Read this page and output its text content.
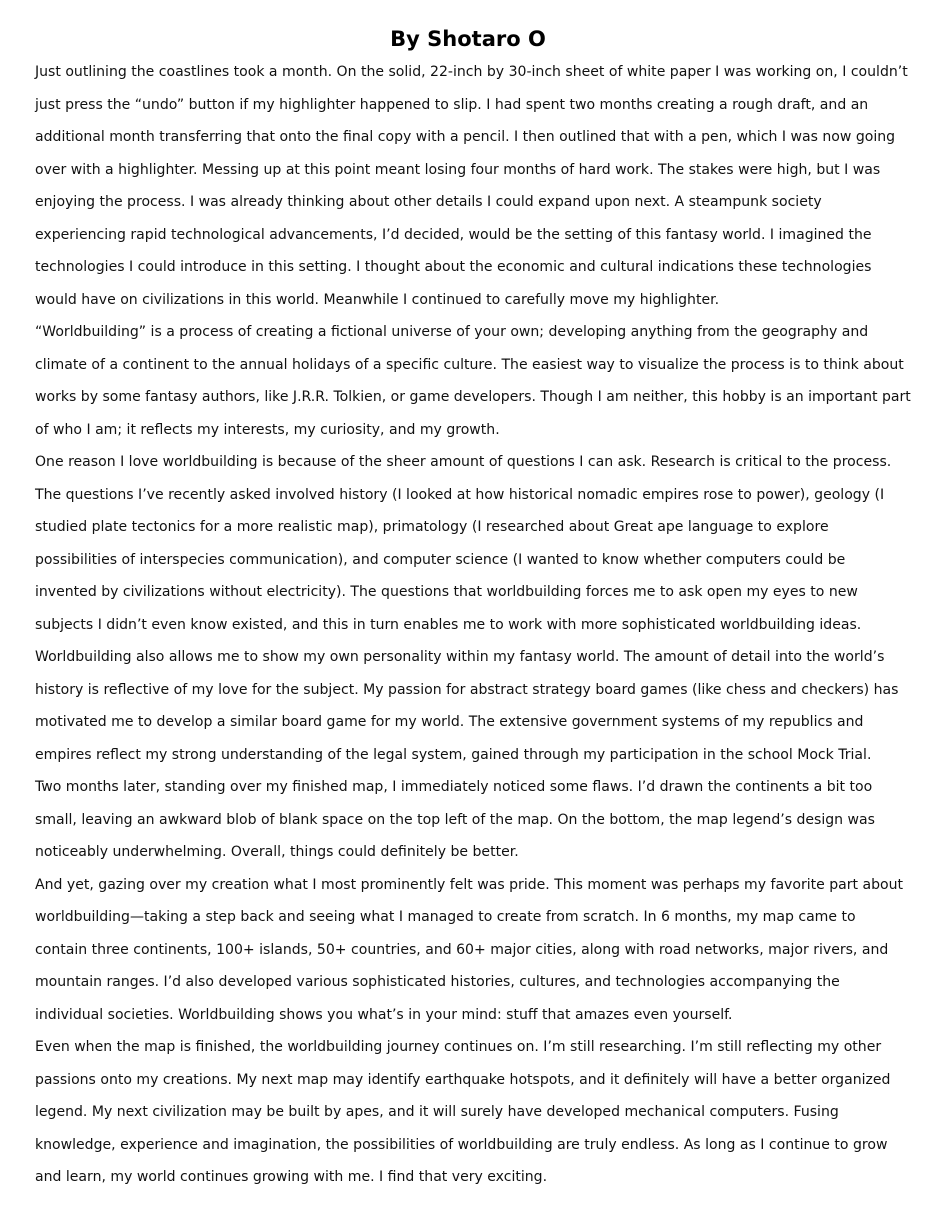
By Shotaro O

Just outlining the coastlines took a month. On the solid, 22-inch by 30-inch sheet of white paper I was working on, I couldn’t just press the “undo” button if my highlighter happened to slip. I had spent two months creating a rough draft, and an additional month transferring that onto the final copy with a pencil. I then outlined that with a pen, which I was now going over with a highlighter. Messing up at this point meant losing four months of hard work. The stakes were high, but I was enjoying the process. I was already thinking about other details I could expand upon next. A steampunk society experiencing rapid technological advancements, I’d decided, would be the setting of this fantasy world. I imagined the technologies I could introduce in this setting. I thought about the economic and cultural indications these technologies would have on civilizations in this world. Meanwhile I continued to carefully move my highlighter.

“Worldbuilding” is a process of creating a fictional universe of your own; developing anything from the geography and climate of a continent to the annual holidays of a specific culture. The easiest way to visualize the process is to think about works by some fantasy authors, like J.R.R. Tolkien, or game developers. Though I am neither, this hobby is an important part of who I am; it reflects my interests, my curiosity, and my growth.

One reason I love worldbuilding is because of the sheer amount of questions I can ask. Research is critical to the process. The questions I’ve recently asked involved history (I looked at how historical nomadic empires rose to power), geology (I studied plate tectonics for a more realistic map), primatology (I researched about Great ape language to explore possibilities of interspecies communication), and computer science (I wanted to know whether computers could be invented by civilizations without electricity). The questions that worldbuilding forces me to ask open my eyes to new subjects I didn’t even know existed, and this in turn enables me to work with more sophisticated worldbuilding ideas.

Worldbuilding also allows me to show my own personality within my fantasy world. The amount of detail into the world’s history is reflective of my love for the subject. My passion for abstract strategy board games (like chess and checkers) has motivated me to develop a similar board game for my world. The extensive government systems of my republics and empires reflect my strong understanding of the legal system, gained through my participation in the school Mock Trial.

Two months later, standing over my finished map, I immediately noticed some flaws. I’d drawn the continents a bit too small, leaving an awkward blob of blank space on the top left of the map. On the bottom, the map legend’s design was noticeably underwhelming. Overall, things could definitely be better.

And yet, gazing over my creation what I most prominently felt was pride. This moment was perhaps my favorite part about worldbuilding—taking a step back and seeing what I managed to create from scratch. In 6 months, my map came to contain three continents, 100+ islands, 50+ countries, and 60+ major cities, along with road networks, major rivers, and mountain ranges. I’d also developed various sophisticated histories, cultures, and technologies accompanying the individual societies. Worldbuilding shows you what’s in your mind: stuff that amazes even yourself.

Even when the map is finished, the worldbuilding journey continues on. I’m still researching. I’m still reflecting my other passions onto my creations. My next map may identify earthquake hotspots, and it definitely will have a better organized legend. My next civilization may be built by apes, and it will surely have developed mechanical computers. Fusing knowledge, experience and imagination, the possibilities of worldbuilding are truly endless. As long as I continue to grow and learn, my world continues growing with me. I find that very exciting.
